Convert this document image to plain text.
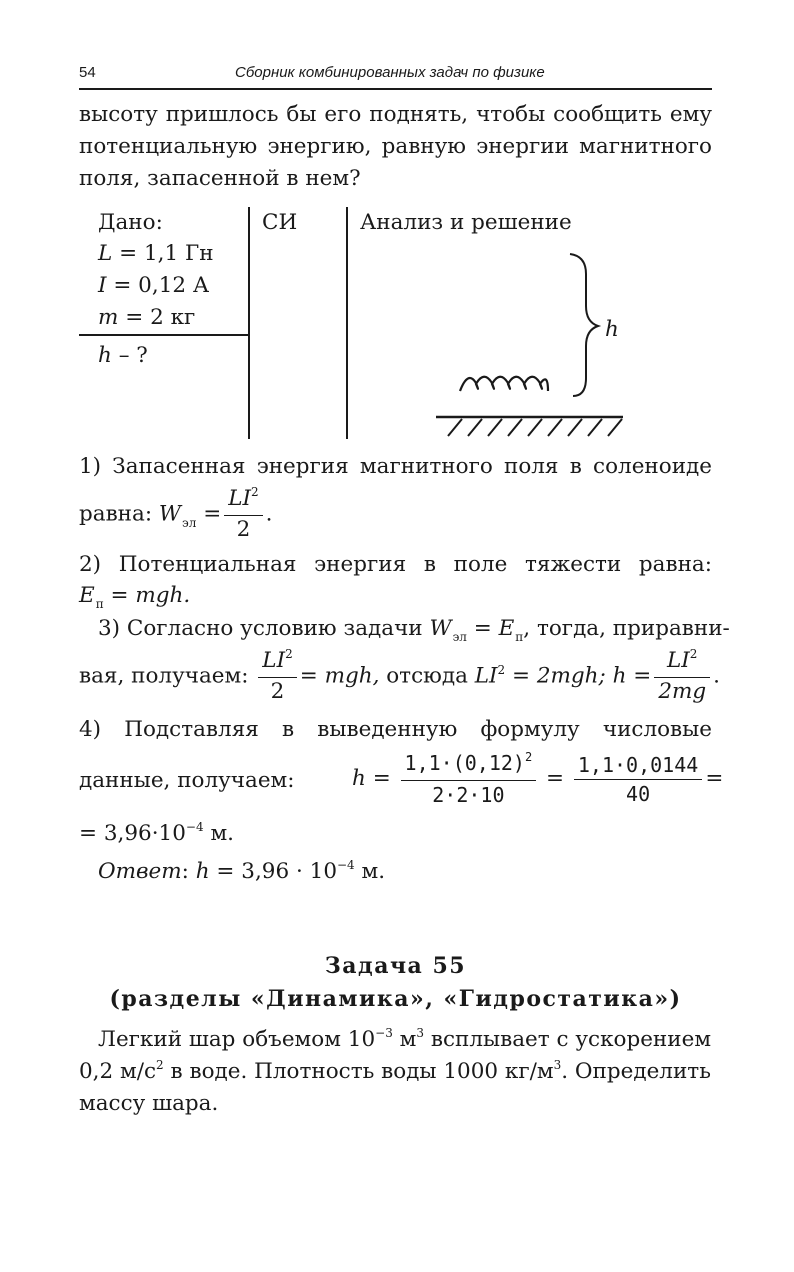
54	Сборник комбинированных задач по физике
высоту пришлось бы его поднять, чтобы сообщить ему
потенциальную энергию, равную энергии магнитного
поля, запасенной в нем?
Дано:	СИ	Анализ и решение
L = 1,1 Гн
I = 0,12 А
m = 2 кг
h – ?
h
1) Запасенная энергия магнитного поля в соленоиде
равна: $W_{эл} = \frac{LI^2}{2}$ .
2) Потенциальная энергия в поле тяжести равна:
$E_п$ = mgh.
3) Согласно условию задачи $W_{эл} = E_п$, тогда, приравни-
вая, получаем: $\frac{LI^2}{2}$ = mgh, отсюда $LI^2 = 2mgh$; $h = \frac{LI^2}{2mg}$ .
4) Подставляя в выведенную формулу числовые
данные, получаем:	$h = \frac{1,1\cdot(0,12)^2}{2\cdot 2\cdot 10} = \frac{1,1\cdot 0,0144}{40}$ =
= $3,96\cdot 10^{-4}$ м.
Ответ: $h = 3,96 \cdot 10^{-4}$ м.
Задача 55
(разделы «Динамика», «Гидростатика»)
Легкий шар объемом $10^{-3}$ $м^3$ всплывает с ускорением
0,2 $м/с^2$ в воде. Плотность воды 1000 $кг/м^3$. Определить
массу шара.
